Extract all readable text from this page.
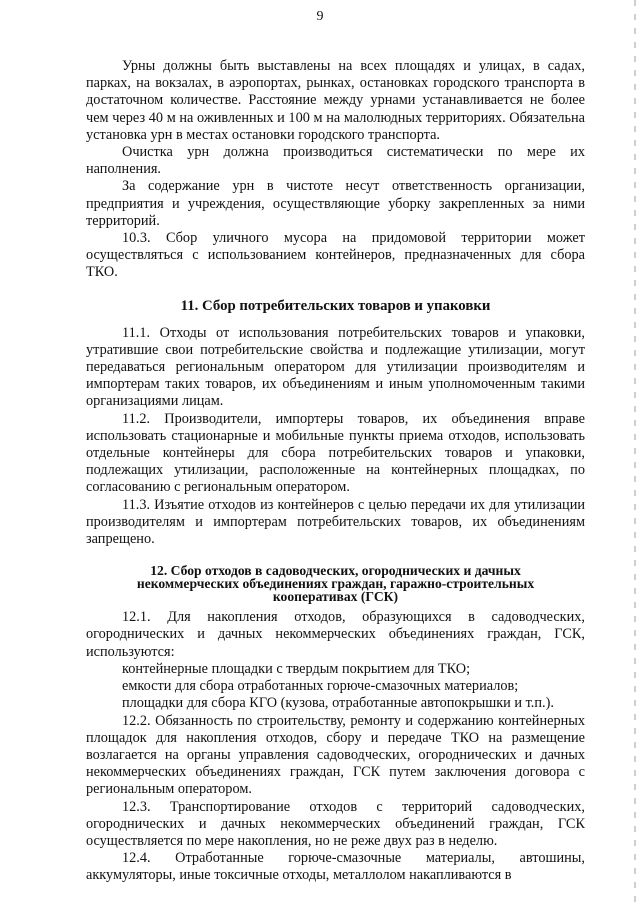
9

Урны должны быть выставлены на всех площадях и улицах, в садах, парках, на вокзалах, в аэропортах, рынках, остановках городского транспорта в достаточном количестве. Расстояние между урнами устанавливается не более чем через 40 м на оживленных и 100 м на малолюдных территориях. Обязательна установка урн в местах остановки городского транспорта.

Очистка урн должна производиться систематически по мере их наполнения.

За содержание урн в чистоте несут ответственность организации, предприятия и учреждения, осуществляющие уборку закрепленных за ними территорий.

10.3. Сбор уличного мусора на придомовой территории может осуществляться с использованием контейнеров, предназначенных для сбора ТКО.

11. Сбор потребительских товаров и упаковки

11.1. Отходы от использования потребительских товаров и упаковки, утратившие свои потребительские свойства и подлежащие утилизации, могут передаваться региональным оператором для утилизации производителям и импортерам таких товаров, их объединениям и иным уполномоченным такими организациями лицам.

11.2. Производители, импортеры товаров, их объединения вправе использовать стационарные и мобильные пункты приема отходов, использовать отдельные контейнеры для сбора потребительских товаров и упаковки, подлежащих утилизации, расположенные на контейнерных площадках, по согласованию с региональным оператором.

11.3. Изъятие отходов из контейнеров с целью передачи их для утилизации производителям и импортерам потребительских товаров, их объединениям запрещено.

12. Сбор отходов в садоводческих, огороднических и дачных
некоммерческих объединениях граждан, гаражно-строительных
кооперативах (ГСК)

12.1. Для накопления отходов, образующихся в садоводческих, огороднических и дачных некоммерческих объединениях граждан, ГСК, используются:

контейнерные площадки с твердым покрытием для ТКО;

емкости для сбора отработанных горюче-смазочных материалов;

площадки для сбора КГО (кузова, отработанные автопокрышки и т.п.).

12.2. Обязанность по строительству, ремонту и содержанию контейнерных площадок для накопления отходов, сбору и передаче ТКО на размещение возлагается на органы управления садоводческих, огороднических и дачных некоммерческих объединениях граждан, ГСК путем заключения договора с региональным оператором.

12.3. Транспортирование отходов с территорий садоводческих, огороднических и дачных некоммерческих объединений граждан, ГСК осуществляется по мере накопления, но не реже двух раз в неделю.

12.4. Отработанные горюче-смазочные материалы, автошины, аккумуляторы, иные токсичные отходы, металлолом накапливаются в
